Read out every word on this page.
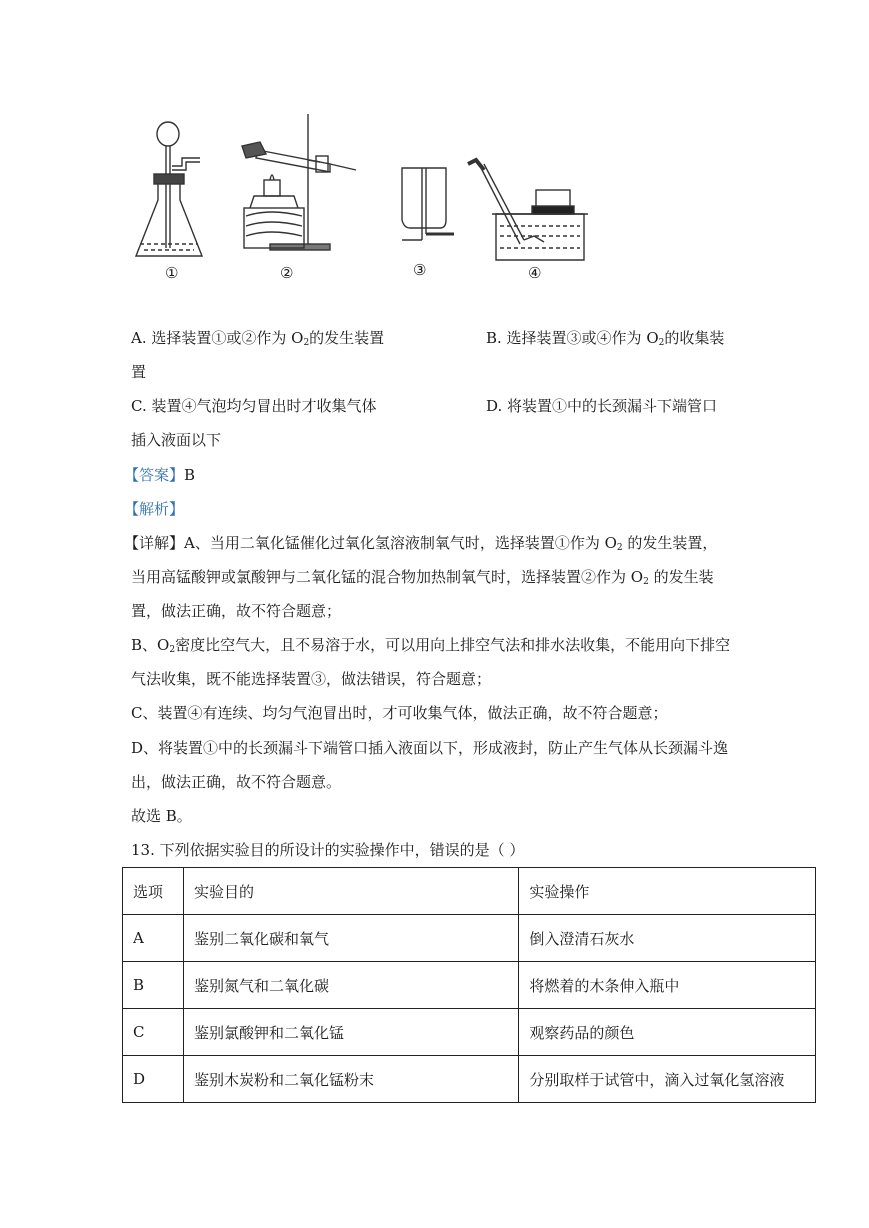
①	②	③	④
A. 选择装置①或②作为 $O_2$的发生装置	B. 选择装置③或④作为 $O_2$的收集装
置
C. 装置④气泡均匀冒出时才收集气体	D. 将装置①中的长颈漏斗下端管口
插入液面以下
【答案】B
【解析】
【详解】A、当用二氧化锰催化过氧化氢溶液制氧气时，选择装置①作为 $O_2$ 的发生装置，
当用高锰酸钾或氯酸钾与二氧化锰的混合物加热制氧气时，选择装置②作为 $O_2$ 的发生装
置，做法正确，故不符合题意；
B、$O_2$密度比空气大，且不易溶于水，可以用向上排空气法和排水法收集，不能用向下排空
气法收集，既不能选择装置③，做法错误，符合题意；
C、装置④有连续、均匀气泡冒出时，才可收集气体，做法正确，故不符合题意；
D、将装置①中的长颈漏斗下端管口插入液面以下，形成液封，防止产生气体从长颈漏斗逸
出，做法正确，故不符合题意。
故选 B。
13. 下列依据实验目的所设计的实验操作中，错误的是（ ）
选项	实验目的	实验操作
A	鉴别二氧化碳和氧气	倒入澄清石灰水
B	鉴别氮气和二氧化碳	将燃着的木条伸入瓶中
C	鉴别氯酸钾和二氧化锰	观察药品的颜色
D	鉴别木炭粉和二氧化锰粉末	分别取样于试管中，滴入过氧化氢溶液
